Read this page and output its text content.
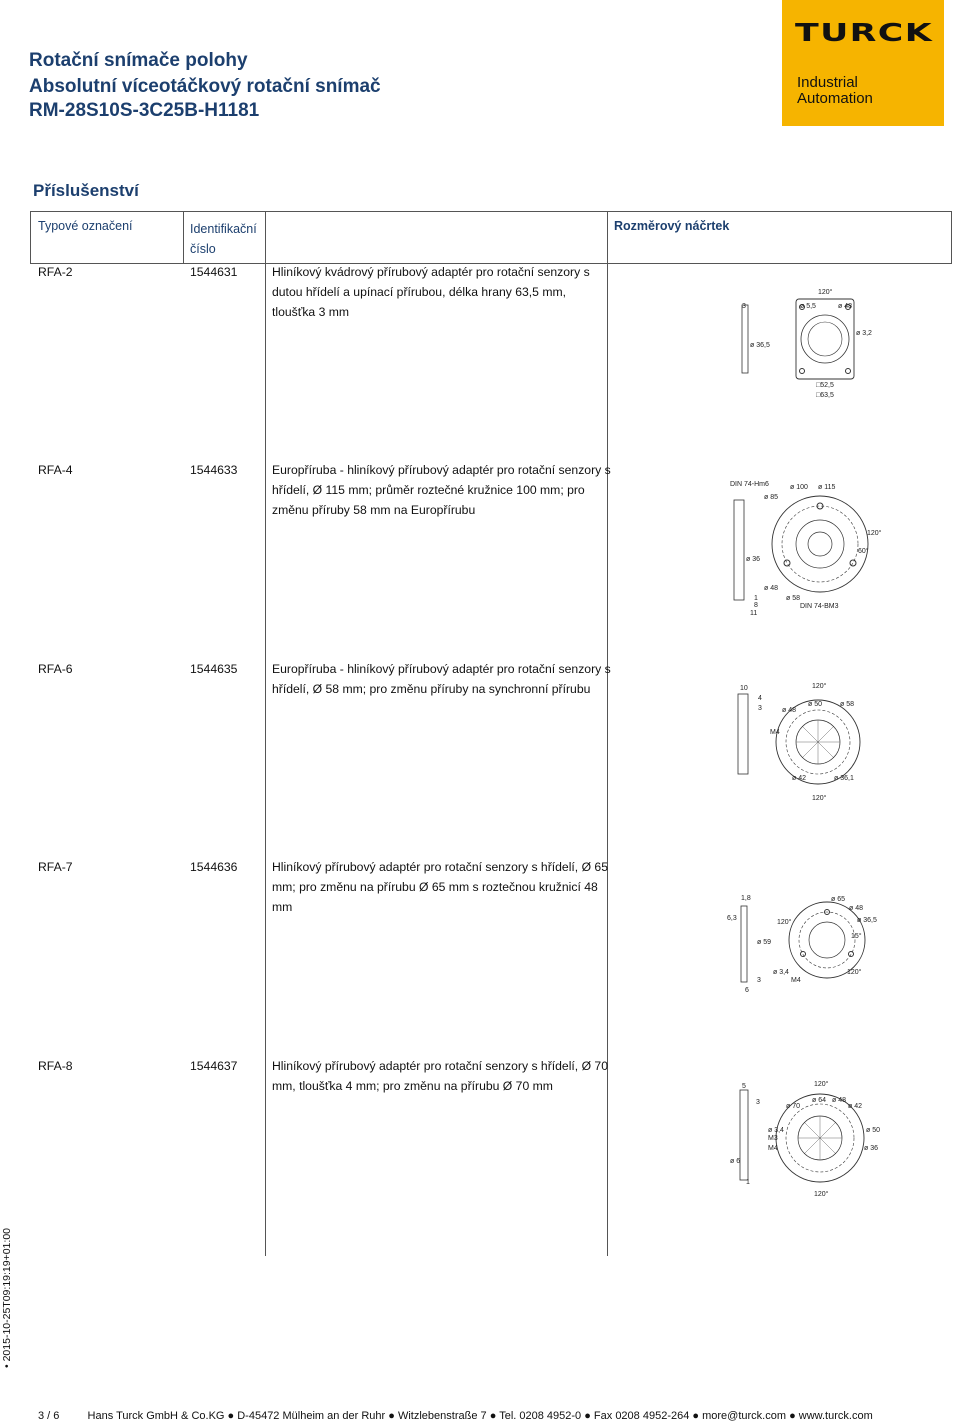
Rotační snímače polohy
Absolutní víceotáčkový rotační snímač
RM-28S10S-3C25B-H1181
TURCK
Industrial
Automation
Příslušenství
Typové označení	Identifikační číslo
Rozměrový náčrtek
RFA-2	1544631	Hliníkový kvádrový přírubový adaptér pro rotační senzory s dutou hřídelí a upínací přírubou, délka hrany 63,5 mm, tloušťka 3 mm	3
120°
ø 5,5	ø 48
ø 3,2
ø 36,5
□52,5
□63,5
RFA-4	1544633	Europříruba - hliníkový přírubový adaptér pro rotační senzory s hřídelí, Ø 115 mm; průměr roztečné kružnice 100 mm; pro změnu příruby 58 mm na Europřírubu
DIN 74-Hm6
ø 85
ø 100 ø 115
120°
60°
ø 36
ø 48
ø 58
DIN 74-BM3
1
8
11
RFA-6	1544635	Europříruba - hliníkový přírubový adaptér pro rotační senzory s hřídelí, Ø 58 mm; pro změnu příruby na synchronní přírubu	10
4
3
120°
ø 50
ø 48
ø 58
M4
ø 42	ø 36,1
120°
RFA-7	1544636	Hliníkový přírubový adaptér pro rotační senzory s hřídelí, Ø 65 mm; pro změnu na přírubu Ø 65 mm s roztečnou kružnicí 48 mm
1,8	ø 65
ø 48
6,3
120°	ø 36,5
15°
ø 59
ø 3,4	120°
3	M4
6
RFA-8	1544637	Hliníkový přírubový adaptér pro rotační senzory s hřídelí, Ø 70 mm, tloušťka 4 mm; pro změnu na přírubu Ø 70 mm	5	120°
3
ø 70
ø 64 ø 48
ø 42
ø 3,4	ø 50
M3
M4	ø 36
ø 6
1
120°
• 2015-10-25T09:19:19+01:00
3 / 6	Hans Turck GmbH & Co.KG ● D-45472 Mülheim an der Ruhr ● Witzlebenstraße 7 ● Tel. 0208 4952-0 ● Fax 0208 4952-264 ● more@turck.com ● www.turck.com
